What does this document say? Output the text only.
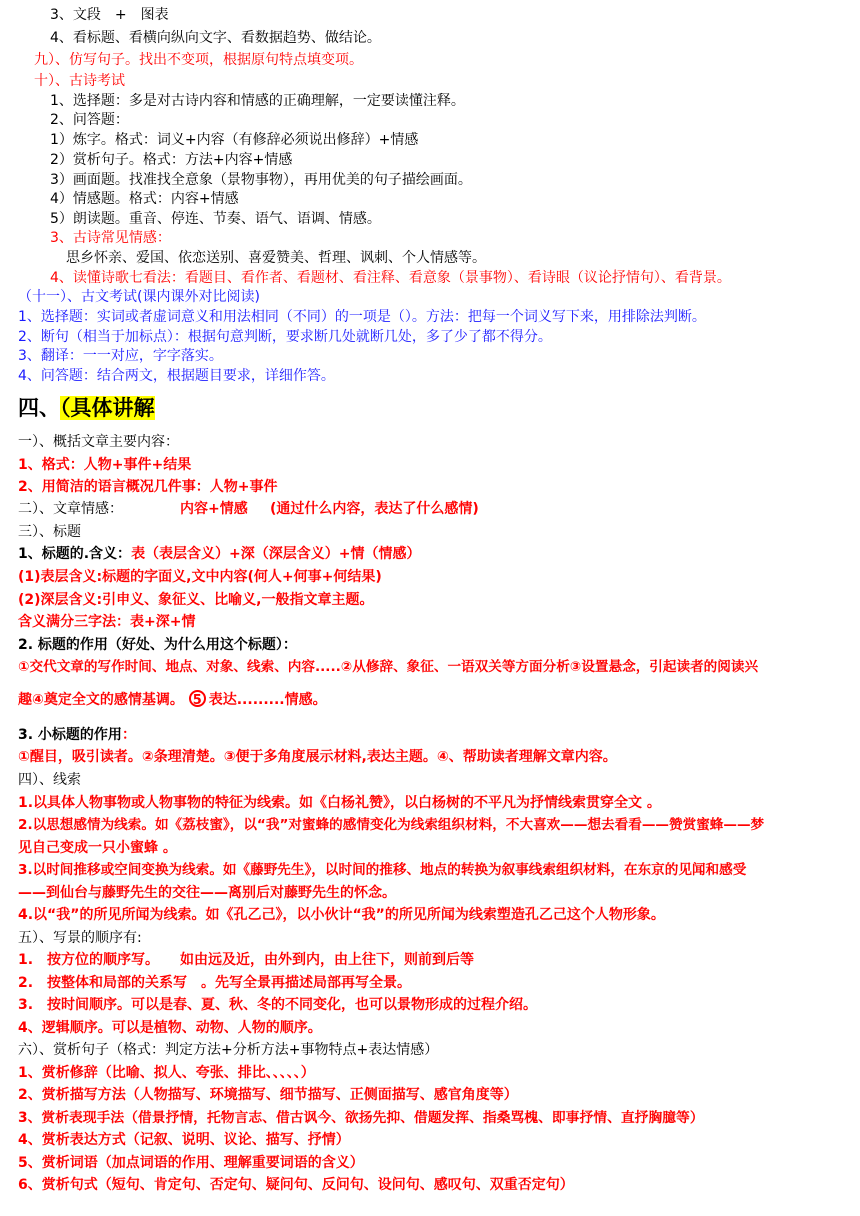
3、文段　+　图表
4、看标题、看横向纵向文字、看数据趋势、做结论。
九）、仿写句子。找出不变项，根据原句特点填变项。
十）、古诗考试
1、选择题：多是对古诗内容和情感的正确理解，一定要读懂注释。
2、问答题：
1）炼字。格式：词义+内容（有修辞必须说出修辞）+情感
2）赏析句子。格式：方法+内容+情感
3）画面题。找准找全意象（景物事物），再用优美的句子描绘画面。
4）情感题。格式：内容+情感
5）朗读题。重音、停连、节奏、语气、语调、情感。
3、古诗常见情感：
思乡怀亲、爱国、依恋送别、喜爱赞美、哲理、讽刺、个人情感等。
4、读懂诗歌七看法：看题目、看作者、看题材、看注释、看意象（景事物）、看诗眼（议论抒情句）、看背景。
（十一）、古文考试(课内课外对比阅读)
1、选择题：实词或者虚词意义和用法相同（不同）的一项是（）。方法：把每一个词义写下来，用排除法判断。
2、断句（相当于加标点）：根据句意判断，要求断几处就断几处，多了少了都不得分。
3、翻译：一一对应，字字落实。
4、问答题：结合两文，根据题目要求，详细作答。
四、（具体讲解
一）、概括文章主要内容：
1、格式：人物+事件+结果
2、用简洁的语言概况几件事：人物+事件
二）、文章情感：	内容+情感 (通过什么内容，表达了什么感情)
三）、标题
1、标题的.含义：表（表层含义）+深（深层含义）+情（情感）
(1)表层含义:标题的字面义,文中内容(何人+何事+何结果)
(2)深层含义:引申义、象征义、比喻义,一般指文章主题。
含义满分三字法：表+深+情
2. 标题的作用（好处、为什么用这个标题）：
①交代文章的写作时间、地点、对象、线索、内容.....②从修辞、象征、一语双关等方面分析③设置悬念，引起读者的阅读兴
趣④奠定全文的感情基调。 5 表达.........情感。
3. 小标题的作用：
①醒目，吸引读者。②条理清楚。③便于多角度展示材料,表达主题。④、帮助读者理解文章内容。
四）、线索
1.以具体人物事物或人物事物的特征为线索。如《白杨礼赞》，以白杨树的不平凡为抒情线索贯穿全文 。
2.以思想感情为线索。如《荔枝蜜》，以“我”对蜜蜂的感情变化为线索组织材料，不大喜欢——想去看看——赞赏蜜蜂——梦
见自己变成一只小蜜蜂 。
3.以时间推移或空间变换为线索。如《藤野先生》，以时间的推移、地点的转换为叙事线索组织材料，在东京的见闻和感受
——到仙台与藤野先生的交往——离别后对藤野先生的怀念。
4.以“我”的所见所闻为线索。如《孔乙己》，以小伙计“我”的所见所闻为线索塑造孔乙己这个人物形象。
五）、写景的顺序有:
1.　按方位的顺序写。　　如由远及近，由外到内，由上往下，则前到后等
2.　按整体和局部的关系写　。先写全景再描述局部再写全景。
3.　按时间顺序。可以是春、夏、秋、冬的不同变化，也可以景物形成的过程介绍。
4、逻辑顺序。可以是植物、动物、人物的顺序。
六）、赏析句子（格式：判定方法+分析方法+事物特点+表达情感）
1、赏析修辞（比喻、拟人、夸张、排比、、、、、）
2、赏析描写方法（人物描写、环境描写、细节描写、正侧面描写、感官角度等）
3、赏析表现手法（借景抒情，托物言志、借古讽今、欲扬先抑、借题发挥、指桑骂槐、即事抒情、直抒胸臆等）
4、赏析表达方式（记叙、说明、议论、描写、抒情）
5、赏析词语（加点词语的作用、理解重要词语的含义）
6、赏析句式（短句、肯定句、否定句、疑问句、反问句、设问句、感叹句、双重否定句）
